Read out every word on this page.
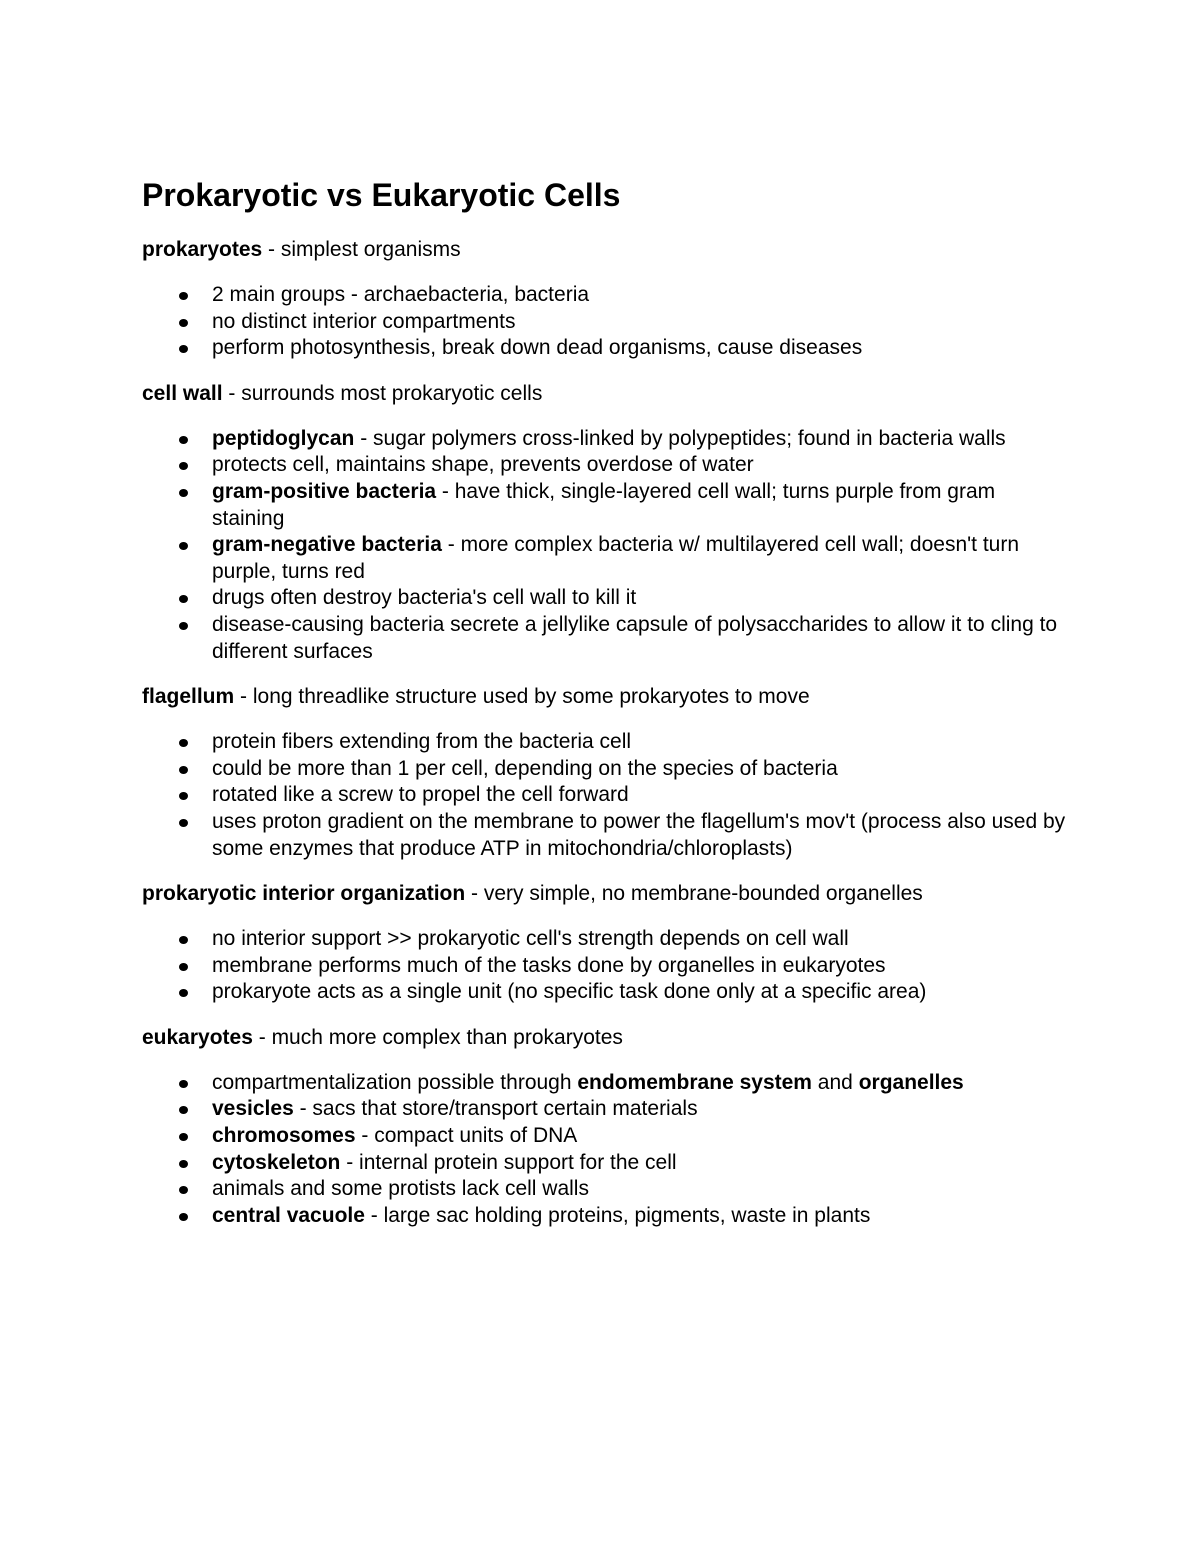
Prokaryotic vs Eukaryotic Cells

prokaryotes - simplest organisms

2 main groups - archaebacteria, bacteria
no distinct interior compartments
perform photosynthesis, break down dead organisms, cause diseases

cell wall - surrounds most prokaryotic cells

peptidoglycan - sugar polymers cross-linked by polypeptides; found in bacteria walls
protects cell, maintains shape, prevents overdose of water
gram-positive bacteria - have thick, single-layered cell wall; turns purple from gram staining
gram-negative bacteria - more complex bacteria w/ multilayered cell wall; doesn't turn purple, turns red
drugs often destroy bacteria's cell wall to kill it
disease-causing bacteria secrete a jellylike capsule of polysaccharides to allow it to cling to different surfaces

flagellum - long threadlike structure used by some prokaryotes to move

protein fibers extending from the bacteria cell
could be more than 1 per cell, depending on the species of bacteria
rotated like a screw to propel the cell forward
uses proton gradient on the membrane to power the flagellum's mov't (process also used by some enzymes that produce ATP in mitochondria/chloroplasts)

prokaryotic interior organization - very simple, no membrane-bounded organelles

no interior support >> prokaryotic cell's strength depends on cell wall
membrane performs much of the tasks done by organelles in eukaryotes
prokaryote acts as a single unit (no specific task done only at a specific area)

eukaryotes - much more complex than prokaryotes

compartmentalization possible through endomembrane system and organelles
vesicles - sacs that store/transport certain materials
chromosomes - compact units of DNA
cytoskeleton - internal protein support for the cell
animals and some protists lack cell walls
central vacuole - large sac holding proteins, pigments, waste in plants
